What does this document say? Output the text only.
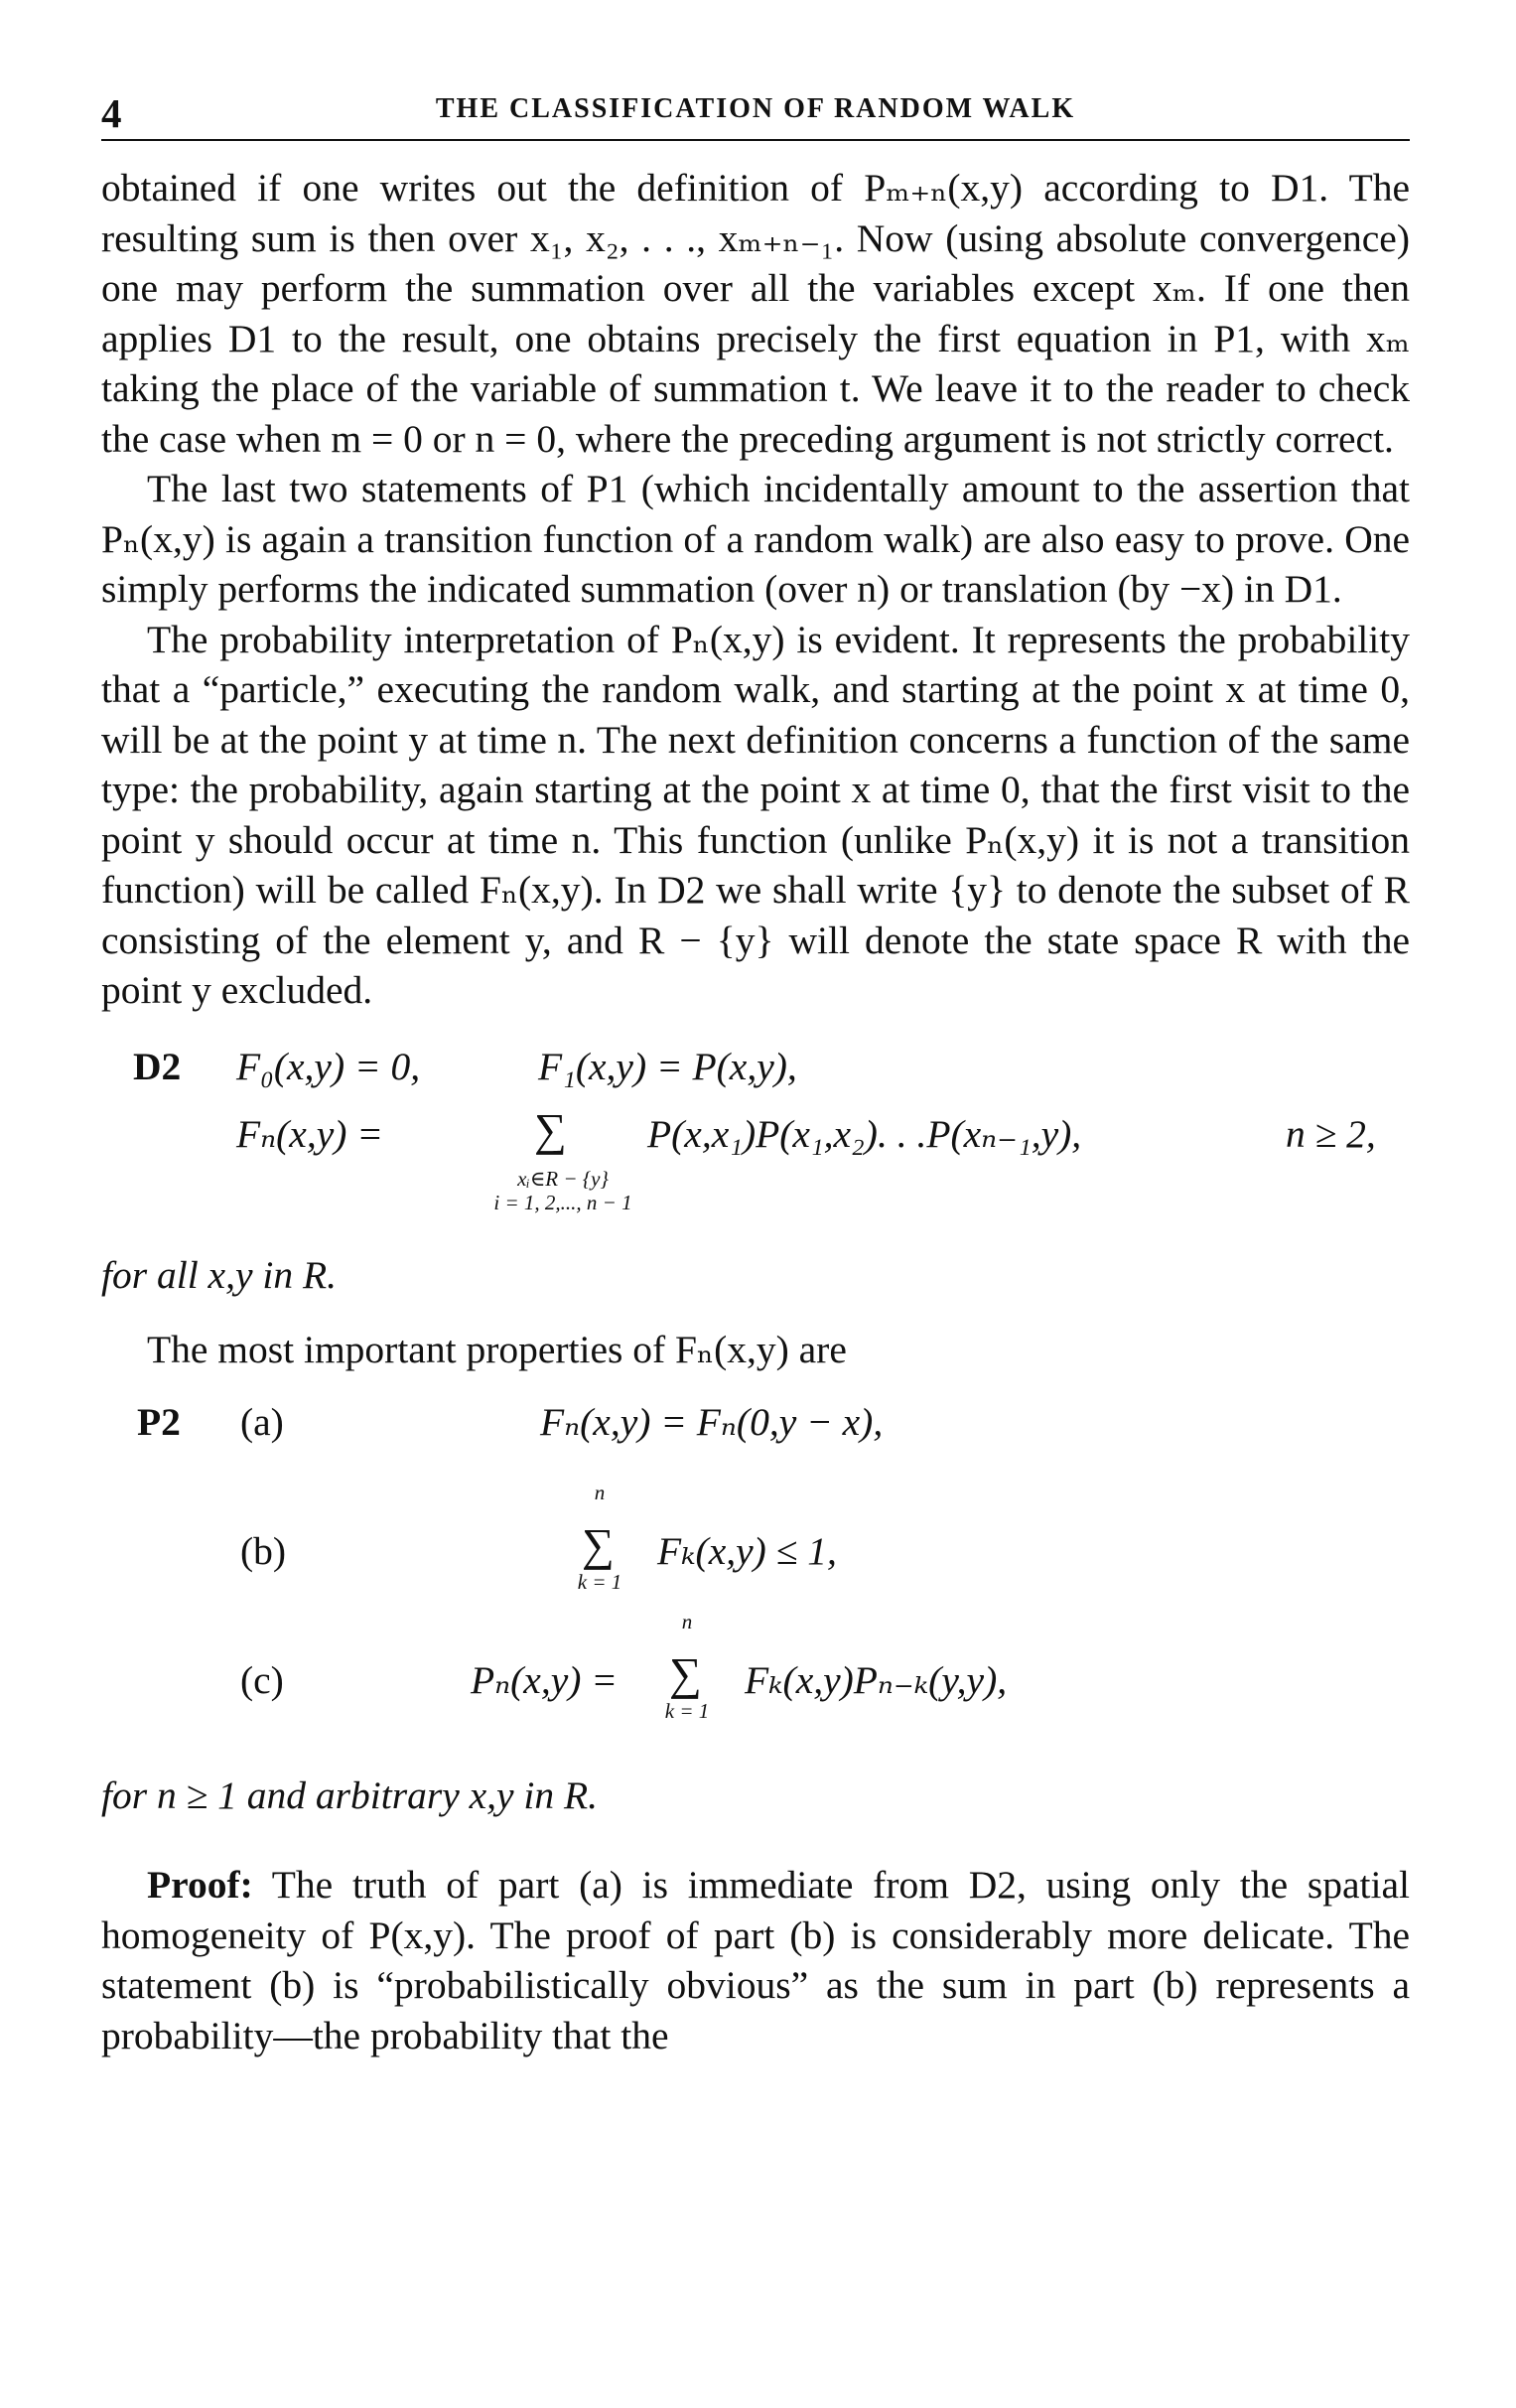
4	THE CLASSIFICATION OF RANDOM WALK

obtained if one writes out the definition of Pₘ₊ₙ(x,y) according to D1. The resulting sum is then over x₁, x₂, . . ., xₘ₊ₙ₋₁. Now (using absolute convergence) one may perform the summation over all the variables except xₘ. If one then applies D1 to the result, one obtains precisely the first equation in P1, with xₘ taking the place of the variable of summation t. We leave it to the reader to check the case when m = 0 or n = 0, where the preceding argument is not strictly correct.

The last two statements of P1 (which incidentally amount to the assertion that Pₙ(x,y) is again a transition function of a random walk) are also easy to prove. One simply performs the indicated summation (over n) or translation (by −x) in D1.

The probability interpretation of Pₙ(x,y) is evident. It represents the probability that a “particle,” executing the random walk, and starting at the point x at time 0, will be at the point y at time n. The next definition concerns a function of the same type: the probability, again starting at the point x at time 0, that the first visit to the point y should occur at time n. This function (unlike Pₙ(x,y) it is not a transition function) will be called Fₙ(x,y). In D2 we shall write {y} to denote the subset of R consisting of the element y, and R − {y} will denote the state space R with the point y excluded.

D2 F₀(x,y) = 0,	F₁(x,y) = P(x,y),
Fₙ(x,y) =	∑ P(x,x₁)P(x₁,x₂). . .P(xₙ₋₁,y),	n ≥ 2,
xᵢ∈R − {y}
i = 1, 2,..., n − 1

for all x,y in R.

The most important properties of Fₙ(x,y) are

P2 (a)	Fₙ(x,y) = Fₙ(0,y − x),
(b)
n
∑
k = 1
Fₖ(x,y) ≤ 1,
(c)	Pₙ(x,y) =
n
∑
k = 1
Fₖ(x,y)Pₙ₋ₖ(y,y),

for n ≥ 1 and arbitrary x,y in R.

Proof: The truth of part (a) is immediate from D2, using only the spatial homogeneity of P(x,y). The proof of part (b) is considerably more delicate. The statement (b) is “probabilistically obvious” as the sum in part (b) represents a probability—the probability that the
